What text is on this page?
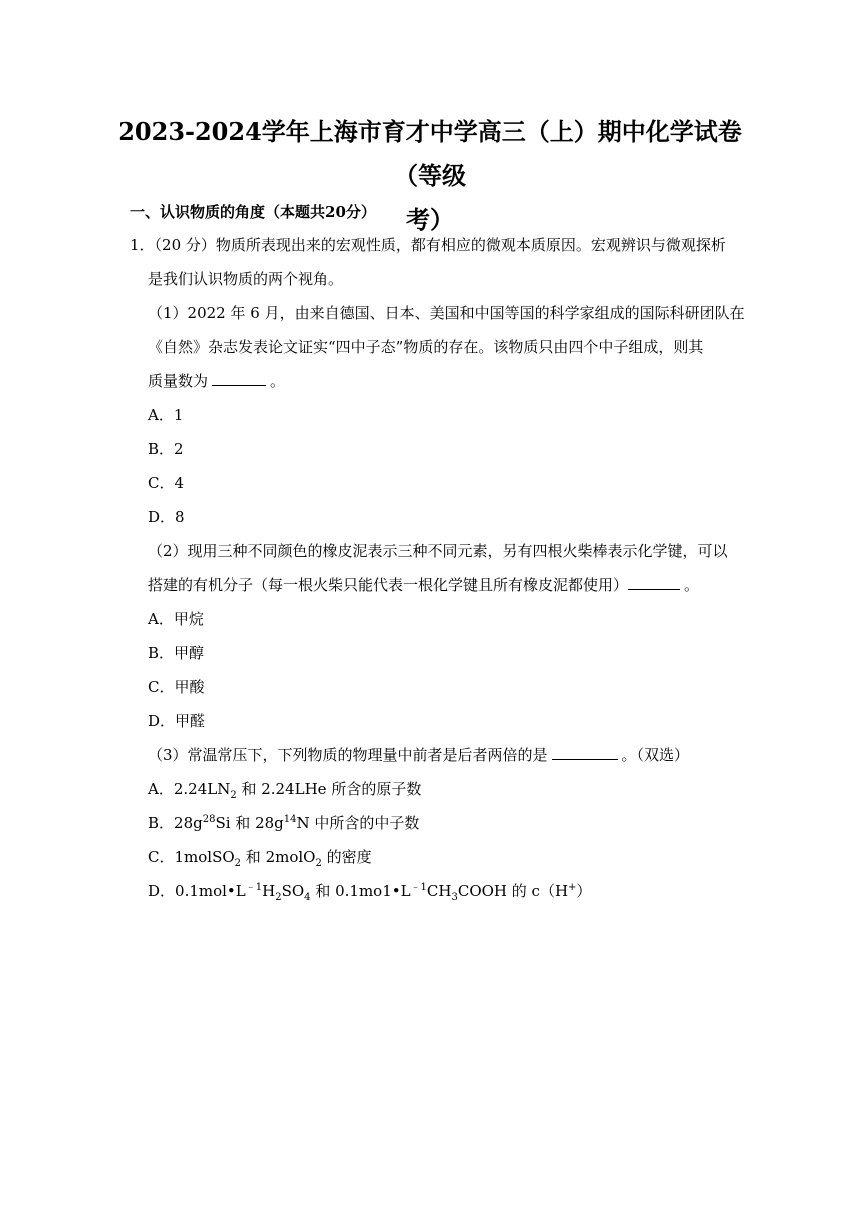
2023-2024学年上海市育才中学高三（上）期中化学试卷（等级
考）
一、认识物质的角度（本题共20分）
1．（20 分）物质所表现出来的宏观性质，都有相应的微观本质原因。宏观辨识与微观探析
是我们认识物质的两个视角。
（1）2022 年 6 月，由来自德国、日本、美国和中国等国的科学家组成的国际科研团队在
《自然》杂志发表论文证实“四中子态”物质的存在。该物质只由四个中子组成，则其
质量数为	。
A．1
B．2
C．4
D．8
（2）现用三种不同颜色的橡皮泥表示三种不同元素，另有四根火柴棒表示化学键，可以
搭建的有机分子（每一根火柴只能代表一根化学键且所有橡皮泥都使用）	。
A．甲烷
B．甲醇
C．甲酸
D．甲醛
（3）常温常压下，下列物质的物理量中前者是后者两倍的是	。（双选）
A．$2.24LN_2$ 和 2.24LHe 所含的原子数
B．$28g^{28}Si$ 和 $28g^{14}N$ 中所含的中子数
C．1molSO$_2$ 和 2molO$_2$ 的密度
D．$0.1mol•L^{﹣1}H_2SO_4$ 和 $0.1mo1•L^{﹣1}CH_3COOH$ 的 c（H+）
